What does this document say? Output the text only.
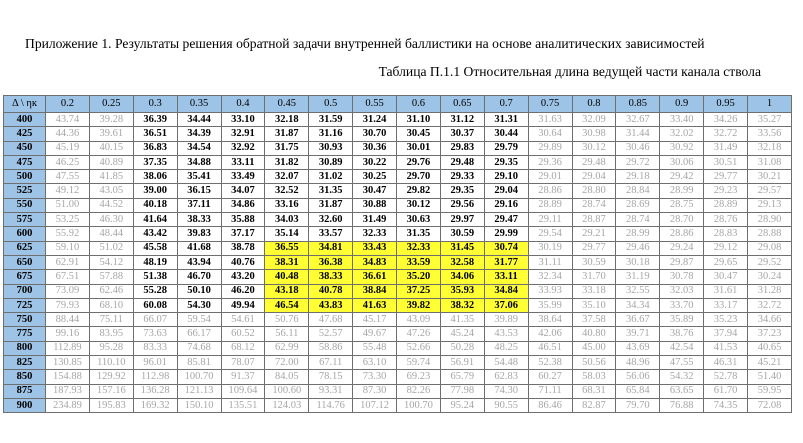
Приложение 1. Результаты решения обратной задачи внутренней баллистики на основе аналитических зависимостей
Таблица П.1.1 Относительная длина ведущей части канала ствола
Δ \ ηк	0.2	0.25	0.3	0.35	0.4	0.45	0.5	0.55	0.6	0.65	0.7	0.75	0.8	0.85	0.9	0.95	1
400	43.74	39.28	36.39	34.44	33.10	32.18	31.59	31.24	31.10	31.12	31.31	31.63	32.09	32.67	33.40	34.26	35.27
425	44.36	39.61	36.51	34.39	32.91	31.87	31.16	30.70	30.45	30.37	30.44	30.64	30.98	31.44	32.02	32.72	33.56
450	45.19	40.15	36.83	34.54	32.92	31.75	30.93	30.36	30.01	29.83	29.79	29.89	30.12	30.46	30.92	31.49	32.18
475	46.25	40.89	37.35	34.88	33.11	31.82	30.89	30.22	29.76	29.48	29.35	29.36	29.48	29.72	30.06	30.51	31.08
500	47.55	41.85	38.06	35.41	33.49	32.07	31.02	30.25	29.70	29.33	29.10	29.01	29.04	29.18	29.42	29.77	30.21
525	49.12	43.05	39.00	36.15	34.07	32.52	31.35	30.47	29.82	29.35	29.04	28.86	28.80	28.84	28.99	29.23	29.57
550	51.00	44.52	40.18	37.11	34.86	33.16	31.87	30.88	30.12	29.56	29.16	28.89	28.74	28.69	28.75	28.89	29.13
575	53.25	46.30	41.64	38.33	35.88	34.03	32.60	31.49	30.63	29.97	29.47	29.11	28.87	28.74	28.70	28.76	28.90
600	55.92	48.44	43.42	39.83	37.17	35.14	33.57	32.33	31.35	30.59	29.99	29.54	29.21	28.99	28.86	28.83	28.88
625	59.10	51.02	45.58	41.68	38.78	36.55	34.81	33.43	32.33	31.45	30.74	30.19	29.77	29.46	29.24	29.12	29.08
650	62.91	54.12	48.19	43.94	40.76	38.31	36.38	34.83	33.59	32.58	31.77	31.11	30.59	30.18	29.87	29.65	29.52
675	67.51	57.88	51.38	46.70	43.20	40.48	38.33	36.61	35.20	34.06	33.11	32.34	31.70	31.19	30.78	30.47	30.24
700	73.09	62.46	55.28	50.10	46.20	43.18	40.78	38.84	37.25	35.93	34.84	33.93	33.18	32.55	32.03	31.61	31.28
725	79.93	68.10	60.08	54.30	49.94	46.54	43.83	41.63	39.82	38.32	37.06	35.99	35.10	34.34	33.70	33.17	32.72
750	88.44	75.11	66.07	59.54	54.61	50.76	47.68	45.17	43.09	41.35	39.89	38.64	37.58	36.67	35.89	35.23	34.66
775	99.16	83.95	73.63	66.17	60.52	56.11	52.57	49.67	47.26	45.24	43.53	42.06	40.80	39.71	38.76	37.94	37.23
800	112.89	95.28	83.33	74.68	68.12	62.99	58.86	55.48	52.66	50.28	48.25	46.51	45.00	43.69	42.54	41.53	40.65
825	130.85	110.10	96.01	85.81	78.07	72.00	67.11	63.10	59.74	56.91	54.48	52.38	50.56	48.96	47.55	46.31	45.21
850	154.88	129.92	112.98	100.70	91.37	84.05	78.15	73.30	69.23	65.79	62.83	60.27	58.03	56.06	54.32	52.78	51.40
875	187.93	157.16	136.28	121.13	109.64	100.60	93.31	87.30	82.26	77.98	74.30	71.11	68.31	65.84	63.65	61.70	59.95
900	234.89	195.83	169.32	150.10	135.51	124.03	114.76	107.12	100.70	95.24	90.55	86.46	82.87	79.70	76.88	74.35	72.08
